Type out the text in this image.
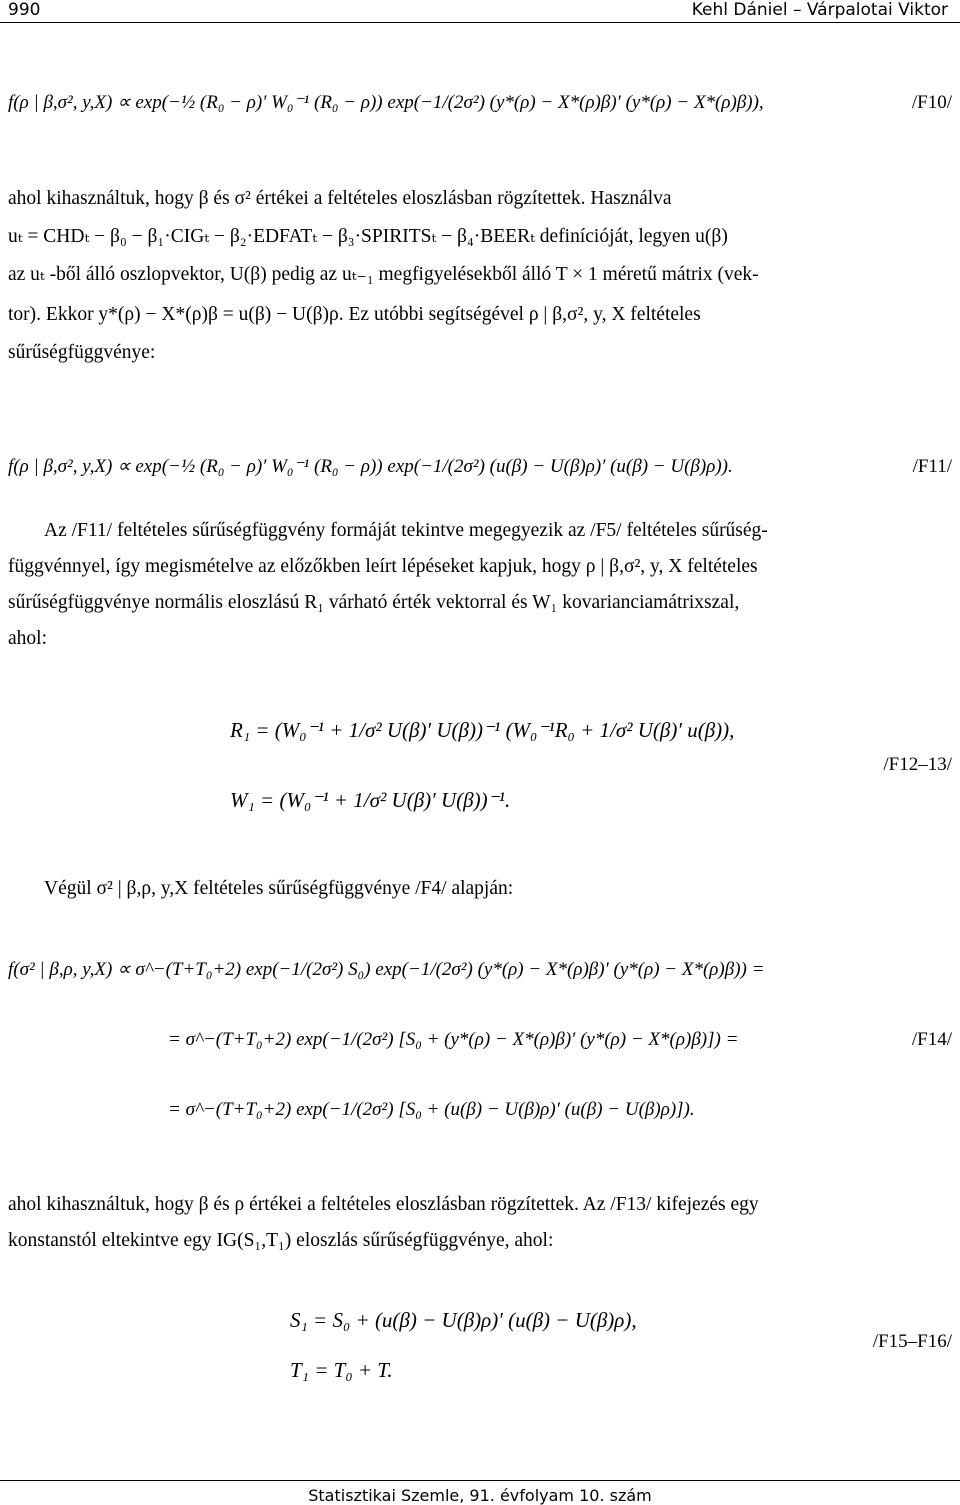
990	Kehl Dániel – Várpalotai Viktor
f(ρ | β,σ², y,X) ∝ exp(−½ (R₀ − ρ)′ W₀⁻¹ (R₀ − ρ)) exp(−1/(2σ²) (y*(ρ) − X*(ρ)β)′ (y*(ρ) − X*(ρ)β)),	/F10/
ahol kihasználtuk, hogy β és σ² értékei a feltételes eloszlásban rögzítettek. Használva
uₜ = CHDₜ − β₀ − β₁·CIGₜ − β₂·EDFATₜ − β₃·SPIRITSₜ − β₄·BEERₜ definícióját, legyen u(β)
az uₜ -ből álló oszlopvektor, U(β) pedig az uₜ₋₁ megfigyelésekből álló T × 1 méretű mátrix (vek-
tor). Ekkor y*(ρ) − X*(ρ)β = u(β) − U(β)ρ. Ez utóbbi segítségével ρ | β,σ², y, X feltételes
sűrűségfüggvénye:
f(ρ | β,σ², y,X) ∝ exp(−½ (R₀ − ρ)′ W₀⁻¹ (R₀ − ρ)) exp(−1/(2σ²) (u(β) − U(β)ρ)′ (u(β) − U(β)ρ)).	/F11/
Az /F11/ feltételes sűrűségfüggvény formáját tekintve megegyezik az /F5/ feltételes sűrűség-
függvénnyel, így megismételve az előzőkben leírt lépéseket kapjuk, hogy ρ | β,σ², y, X feltételes
sűrűségfüggvénye normális eloszlású R₁ várható érték vektorral és W₁ kovarianciamátrixszal,
ahol:
R₁ = (W₀⁻¹ + 1/σ² U(β)′ U(β))⁻¹ (W₀⁻¹R₀ + 1/σ² U(β)′ u(β)),
W₁ = (W₀⁻¹ + 1/σ² U(β)′ U(β))⁻¹.
/F12–13/
Végül σ² | β,ρ, y,X feltételes sűrűségfüggvénye /F4/ alapján:
f(σ² | β,ρ, y,X) ∝ σ^−(T+T₀+2) exp(−1/(2σ²) S₀) exp(−1/(2σ²) (y*(ρ) − X*(ρ)β)′ (y*(ρ) − X*(ρ)β)) =
= σ^−(T+T₀+2) exp(−1/(2σ²) [S₀ + (y*(ρ) − X*(ρ)β)′ (y*(ρ) − X*(ρ)β)]) =	/F14/
= σ^−(T+T₀+2) exp(−1/(2σ²) [S₀ + (u(β) − U(β)ρ)′ (u(β) − U(β)ρ)]).
ahol kihasználtuk, hogy β és ρ értékei a feltételes eloszlásban rögzítettek. Az /F13/ kifejezés egy
konstanstól eltekintve egy IG(S₁,T₁) eloszlás sűrűségfüggvénye, ahol:
S₁ = S₀ + (u(β) − U(β)ρ)′ (u(β) − U(β)ρ),
T₁ = T₀ + T.
/F15–F16/
Statisztikai Szemle, 91. évfolyam 10. szám
